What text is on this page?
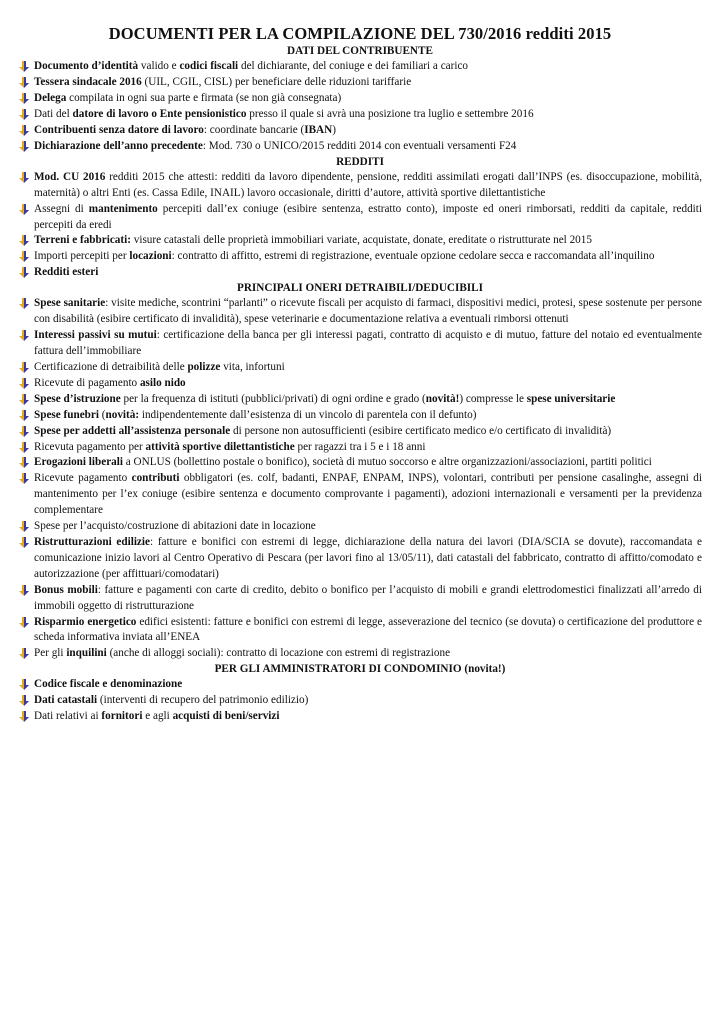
DOCUMENTI PER LA COMPILAZIONE DEL 730/2016 redditi 2015
DATI DEL CONTRIBUENTE
Documento d’identità valido e codici fiscali del dichiarante, del coniuge e dei familiari a carico
Tessera sindacale 2016 (UIL, CGIL, CISL) per beneficiare delle riduzioni tariffarie
Delega compilata in ogni sua parte e firmata (se non già consegnata)
Dati del datore di lavoro o Ente pensionistico presso il quale si avrà una posizione tra luglio e settembre 2016
Contribuenti senza datore di lavoro: coordinate bancarie (IBAN)
Dichiarazione dell’anno precedente: Mod. 730 o UNICO/2015 redditi 2014 con eventuali versamenti F24
REDDITI
Mod. CU 2016 redditi 2015 che attesti: redditi da lavoro dipendente, pensione, redditi assimilati erogati dall’INPS (es. disoccupazione, mobilità, maternità) o altri Enti (es. Cassa Edile, INAIL) lavoro occasionale, diritti d’autore, attività sportive dilettantistiche
Assegni di mantenimento percepiti dall’ex coniuge (esibire sentenza, estratto conto), imposte ed oneri rimborsati, redditi da capitale, redditi percepiti da eredi
Terreni e fabbricati: visure catastali delle proprietà immobiliari variate, acquistate, donate, ereditate o ristrutturate nel 2015
Importi percepiti per locazioni: contratto di affitto, estremi di registrazione, eventuale opzione cedolare secca e raccomandata all’inquilino
Redditi esteri
PRINCIPALI ONERI DETRAIBILI/DEDUCIBILI
Spese sanitarie: visite mediche, scontrini “parlanti” o ricevute fiscali per acquisto di farmaci, dispositivi medici, protesi, spese sostenute per persone con disabilità (esibire certificato di invalidità), spese veterinarie e documentazione relativa a eventuali rimborsi ottenuti
Interessi passivi su mutui: certificazione della banca per gli interessi pagati, contratto di acquisto e di mutuo, fatture del notaio ed eventualmente fattura dell’immobiliare
Certificazione di detraibilità delle polizze vita, infortuni
Ricevute di pagamento asilo nido
Spese d’istruzione per la frequenza di istituti (pubblici/privati) di ogni ordine e grado (novità!) compresse le spese universitarie
Spese funebri (novità: indipendentemente dall’esistenza di un vincolo di parentela con il defunto)
Spese per addetti all’assistenza personale di persone non autosufficienti (esibire certificato medico e/o certificato di invalidità)
Ricevuta pagamento per attività sportive dilettantistiche per ragazzi tra i 5 e i 18 anni
Erogazioni liberali a ONLUS (bollettino postale o bonifico), società di mutuo soccorso e altre organizzazioni/associazioni, partiti politici
Ricevute pagamento contributi obbligatori (es. colf, badanti, ENPAF, ENPAM, INPS), volontari, contributi per pensione casalinghe, assegni di mantenimento per l’ex coniuge (esibire sentenza e documento comprovante i pagamenti), adozioni internazionali e versamenti per la previdenza complementare
Spese per l’acquisto/costruzione di abitazioni date in locazione
Ristrutturazioni edilizie: fatture e bonifici con estremi di legge, dichiarazione della natura dei lavori (DIA/SCIA se dovute), raccomandata e comunicazione inizio lavori al Centro Operativo di Pescara (per lavori fino al 13/05/11), dati catastali del fabbricato, contratto di affitto/comodato e autorizzazione (per affittuari/comodatari)
Bonus mobili: fatture e pagamenti con carte di credito, debito o bonifico per l’acquisto di mobili e grandi elettrodomestici finalizzati all’arredo di immobili oggetto di ristrutturazione
Risparmio energetico edifici esistenti: fatture e bonifici con estremi di legge, asseverazione del tecnico (se dovuta) o certificazione del produttore e scheda informativa inviata all’ENEA
Per gli inquilini (anche di alloggi sociali): contratto di locazione con estremi di registrazione
PER GLI AMMINISTRATORI DI CONDOMINIO (novita!)
Codice fiscale e denominazione
Dati catastali (interventi di recupero del patrimonio edilizio)
Dati relativi ai fornitori e agli acquisti di beni/servizi
